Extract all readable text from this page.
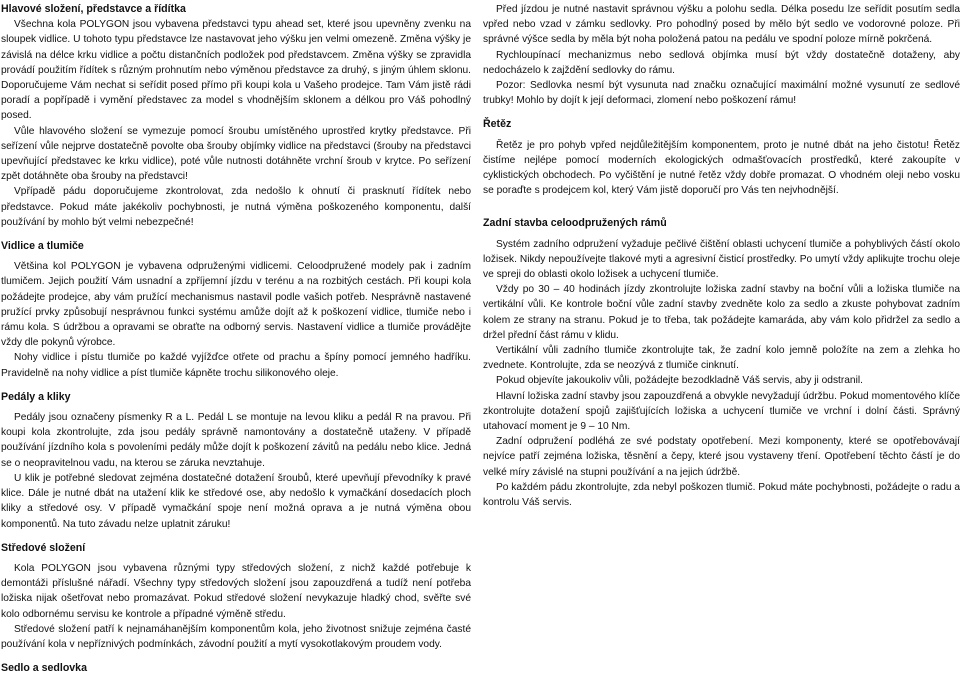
Hlavové složení, představce a řídítka

Všechna kola POLYGON jsou vybavena představci typu ahead set, které jsou upevněny zvenku na sloupek vidlice. U tohoto typu představce lze nastavovat jeho výšku jen velmi omezeně. Změna výšky je závislá na délce krku vidlice a počtu distančních podložek pod představcem. Změna výšky se zpravidla provádí použitím řídítek s různým prohnutím nebo výměnou představce za druhý, s jiným úhlem sklonu. Doporučujeme Vám nechat si seřídit posed přímo při koupi kola u Vašeho prodejce. Tam Vám jistě rádi poradí a popřípadě i vymění představec za model s vhodnějším sklonem a délkou pro Váš pohodlný posed.

Vůle hlavového složení se vymezuje pomocí šroubu umístěného uprostřed krytky představce. Při seřízení vůle nejprve dostatečně povolte oba šrouby objímky vidlice na představci (šrouby na představci upevňující představec ke krku vidlice), poté vůle nutnosti dotáhněte vrchní šroub v krytce. Po seřízení zpět dotáhněte oba šrouby na představci!

Vpřípadě pádu doporučujeme zkontrolovat, zda nedošlo k ohnutí či prasknutí řídítek nebo představce. Pokud máte jakékoliv pochybnosti, je nutná výměna poškozeného komponentu, další používání by mohlo být velmi nebezpečné!

Vidlice a tlumiče

Většina kol POLYGON je vybavena odpruženými vidlicemi. Celoodpružené modely pak i zadním tlumičem. Jejich použití Vám usnadní a zpříjemní jízdu v terénu a na rozbitých cestách. Při koupi kola požádejte prodejce, aby vám pružící mechanismus nastavil podle vašich potřeb. Nesprávně nastavené pružící prvky způsobují nesprávnou funkci systému amůže dojít až k poškození vidlice, tlumiče nebo i rámu kola. S údržbou a opravami se obraťte na odborný servis. Nastavení vidlice a tlumiče provádějte vždy dle pokynů výrobce.

Nohy vidlice i pístu tlumiče po každé vyjížďce otřete od prachu a špíny pomocí jemného hadříku. Pravidelně na nohy vidlice a píst tlumiče kápněte trochu silikonového oleje.

Pedály a kliky

Pedály jsou označeny písmenky R a L. Pedál L se montuje na levou kliku a pedál R na pravou. Při koupi kola zkontrolujte, zda jsou pedály správně namontovány a dostatečně utaženy. V případě používání jízdního kola s povoleními pedály může dojít k poškození závitů na pedálu nebo klice. Jedná se o neopravitelnou vadu, na kterou se záruka nevztahuje.

U klik je potřebné sledovat zejména dostatečné dotažení šroubů, které upevňují převodníky k pravé klice. Dále je nutné dbát na utažení klik ke středové ose, aby nedošlo k vymačkání dosedacích ploch kliky a středové osy. V případě vymačkání spoje není možná oprava a je nutná výměna obou komponentů. Na tuto závadu nelze uplatnit záruku!

Středové složení

Kola POLYGON jsou vybavena různými typy středových složení, z nichž každé potřebuje k demontáži příslušné nářadí. Všechny typy středových složení jsou zapouzdřená a tudíž není potřeba ložiska nijak ošetřovat nebo promazávat. Pokud středové složení nevykazuje hladký chod, svěřte své kolo odbornému servisu ke kontrole a případné výměně středu.

Středové složení patří k nejnamáhanějším komponentům kola, jeho životnost snižuje zejména časté používání kola v nepříznivých podmínkách, závodní použití a mytí vysokotlakovým proudem vody.

Sedlo a sedlovka

Před jízdou je nutné nastavit správnou výšku a polohu sedla. Délka posedu lze seřídit posutím sedla vpřed nebo vzad v zámku sedlovky. Pro pohodlný posed by mělo být sedlo ve vodorovné poloze. Při správné výšce sedla by měla být noha položená patou na pedálu ve spodní poloze mírně pokrčená.

Rychloupínací mechanizmus nebo sedlová objímka musí být vždy dostatečně dotaženy, aby nedocházelo k zajždění sedlovky do rámu.

Pozor: Sedlovka nesmí být vysunuta nad značku označující maximální možné vysunutí ze sedlové trubky! Mohlo by dojít k její deformaci, zlomení nebo poškození rámu!

Řetěz

Řetěz je pro pohyb vpřed nejdůležitějším komponentem, proto je nutné dbát na jeho čistotu! Řetěz čistíme nejlépe pomocí moderních ekologických odmašťovacích prostředků, které zakoupíte v cyklistických obchodech. Po vyčištění je nutné řetěz vždy dobře promazat. O vhodném oleji nebo vosku se poraďte s prodejcem kol, který Vám jistě doporučí pro Vás ten nejvhodnější.

Zadní stavba celoodpružených rámů

Systém zadního odpružení vyžaduje pečlivé čištění oblasti uchycení tlumiče a pohyblivých částí okolo ložisek. Nikdy nepoužívejte tlakové myti a agresivní čisticí prostředky. Po umytí vždy aplikujte trochu oleje ve spreji do oblasti okolo ložisek a uchycení tlumiče.

Vždy po 30 – 40 hodinách jízdy zkontrolujte ložiska zadní stavby na boční vůli a ložiska tlumiče na vertikální vůli. Ke kontrole boční vůle zadní stavby zvedněte kolo za sedlo a zkuste pohybovat zadním kolem ze strany na stranu. Pokud je to třeba, tak požádejte kamaráda, aby vám kolo přidržel za sedlo a držel přední část rámu v klidu.

Vertikální vůli zadního tlumiče zkontrolujte tak, že zadní kolo jemně položíte na zem a zlehka ho zvednete. Kontrolujte, zda se neozývá z tlumiče cinknutí.

Pokud objevíte jakoukoliv vůli, požádejte bezodkladně Váš servis, aby ji odstranil.

Hlavní ložiska zadní stavby jsou zapouzdřená a obvykle nevyžadují údržbu. Pokud momentového klíče zkontrolujte dotažení spojů zajišťujících ložiska a uchycení tlumiče ve vrchní i dolní části. Správný utahovací moment je 9 – 10 Nm.

Zadní odpružení podléhá ze své podstaty opotřebení. Mezi komponenty, které se opotřebovávají nejvíce patří zejména ložiska, těsnění a čepy, které jsou vystaveny tření. Opotřebení těchto částí je do velké míry závislé na stupni používání a na jejich údržbě.

Po každém pádu zkontrolujte, zda nebyl poškozen tlumič. Pokud máte pochybnosti, požádejte o radu a kontrolu Váš servis.
